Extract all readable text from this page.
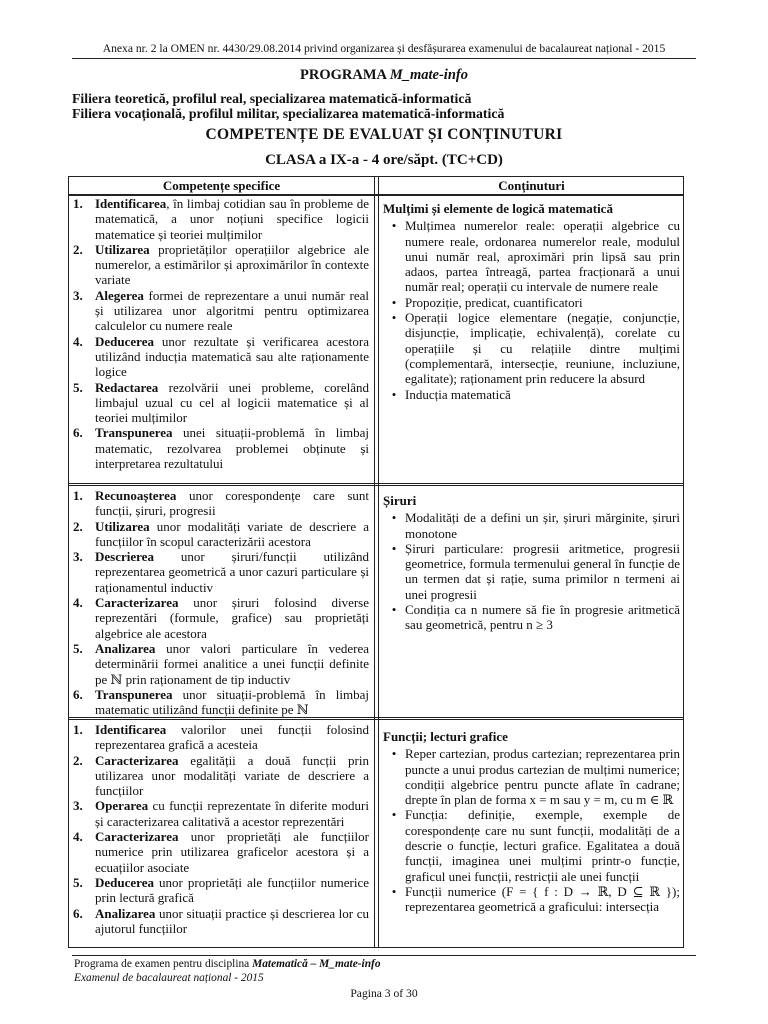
Anexa nr. 2 la OMEN nr. 4430/29.08.2014 privind organizarea și desfășurarea examenului de bacalaureat național - 2015
PROGRAMA M_mate-info
Filiera teoretică, profilul real, specializarea matematică-informatică
Filiera vocațională, profilul militar, specializarea matematică-informatică
COMPETENȚE DE EVALUAT ȘI CONȚINUTURI
CLASA a IX-a - 4 ore/săpt. (TC+CD)
Competențe specifice	Conținuturi
1. Identificarea, în limbaj cotidian sau în probleme de matematică, a unor noțiuni specifice logicii matematice și teoriei mulțimilor
2. Utilizarea proprietăților operațiilor algebrice ale numerelor, a estimărilor și aproximărilor în contexte variate
3. Alegerea formei de reprezentare a unui număr real și utilizarea unor algoritmi pentru optimizarea calculelor cu numere reale
4. Deducerea unor rezultate și verificarea acestora utilizând inducția matematică sau alte raționamente logice
5. Redactarea rezolvării unei probleme, corelând limbajul uzual cu cel al logicii matematice și al teoriei mulțimilor
6. Transpunerea unei situații-problemă în limbaj matematic, rezolvarea problemei obținute și interpretarea rezultatului
Mulțimi și elemente de logică matematică
• Mulțimea numerelor reale: operații algebrice cu numere reale, ordonarea numerelor reale, modulul unui număr real, aproximări prin lipsă sau prin adaos, partea întreagă, partea fracționară a unui număr real; operații cu intervale de numere reale
• Propoziție, predicat, cuantificatori
• Operații logice elementare (negație, conjuncție, disjuncție, implicație, echivalență), corelate cu operațiile și cu relațiile dintre mulțimi (complementară, intersecție, reuniune, incluziune, egalitate); raționament prin reducere la absurd
• Inducția matematică
1. Recunoașterea unor corespondențe care sunt funcții, șiruri, progresii
2. Utilizarea unor modalități variate de descriere a funcțiilor în scopul caracterizării acestora
3. Descrierea unor șiruri/funcții utilizând reprezentarea geometrică a unor cazuri particulare și raționamentul inductiv
4. Caracterizarea unor șiruri folosind diverse reprezentări (formule, grafice) sau proprietăți algebrice ale acestora
5. Analizarea unor valori particulare în vederea determinării formei analitice a unei funcții definite pe ℕ prin raționament de tip inductiv
6. Transpunerea unor situații-problemă în limbaj matematic utilizând funcții definite pe ℕ
Șiruri
• Modalități de a defini un șir, șiruri mărginite, șiruri monotone
• Șiruri particulare: progresii aritmetice, progresii geometrice, formula termenului general în funcție de un termen dat și rație, suma primilor n termeni ai unei progresii
• Condiția ca n numere să fie în progresie aritmetică sau geometrică, pentru n ≥ 3
1. Identificarea valorilor unei funcții folosind reprezentarea grafică a acesteia
2. Caracterizarea egalității a două funcții prin utilizarea unor modalități variate de descriere a funcțiilor
3. Operarea cu funcții reprezentate în diferite moduri și caracterizarea calitativă a acestor reprezentări
4. Caracterizarea unor proprietăți ale funcțiilor numerice prin utilizarea graficelor acestora și a ecuațiilor asociate
5. Deducerea unor proprietăți ale funcțiilor numerice prin lectură grafică
6. Analizarea unor situații practice și descrierea lor cu ajutorul funcțiilor
Funcții; lecturi grafice
• Reper cartezian, produs cartezian; reprezentarea prin puncte a unui produs cartezian de mulțimi numerice; condiții algebrice pentru puncte aflate în cadrane; drepte în plan de forma x = m sau y = m, cu m ∈ ℝ
• Funcția: definiție, exemple, exemple de corespondențe care nu sunt funcții, modalități de a descrie o funcție, lecturi grafice. Egalitatea a două funcții, imaginea unei mulțimi printr-o funcție, graficul unei funcții, restricții ale unei funcții
• Funcții numerice (F = { f : D → ℝ, D ⊆ ℝ }); reprezentarea geometrică a graficului: intersecția
Programa de examen pentru disciplina Matematică – M_mate-info
Examenul de bacalaureat național - 2015
Pagina 3 of 30
